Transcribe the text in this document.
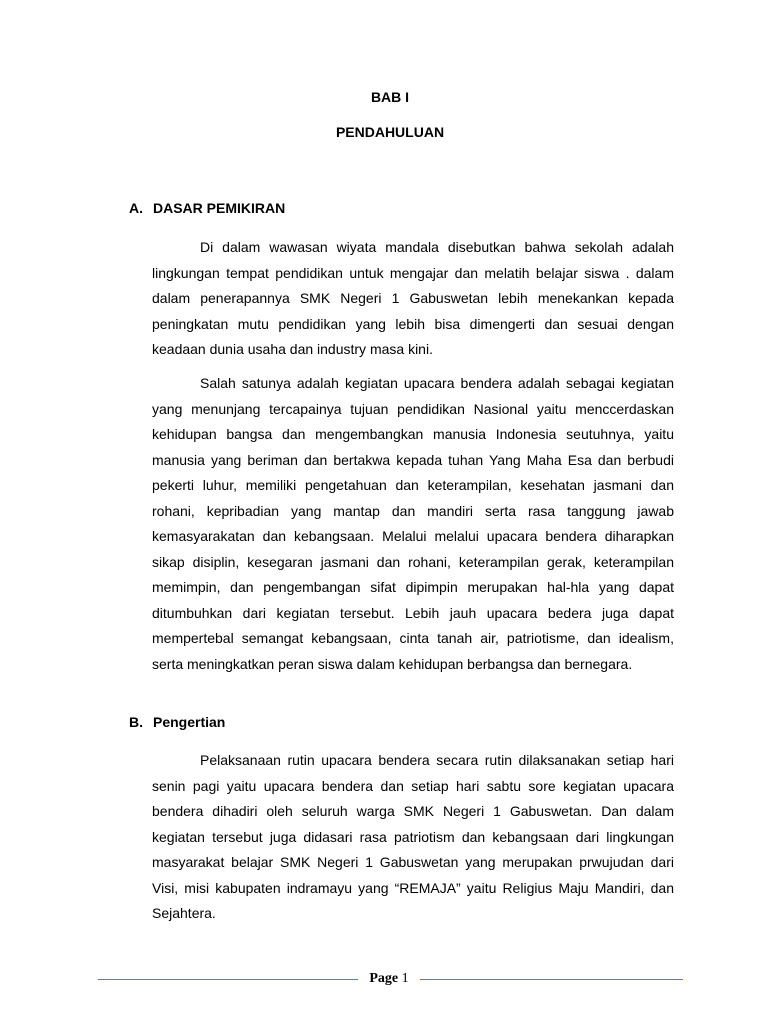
BAB I
PENDAHULUAN
A. DASAR PEMIKIRAN

Di dalam wawasan wiyata mandala disebutkan bahwa sekolah adalah lingkungan tempat pendidikan untuk mengajar dan melatih belajar siswa . dalam dalam penerapannya SMK Negeri 1 Gabuswetan lebih menekankan kepada peningkatan mutu pendidikan yang lebih bisa dimengerti dan sesuai dengan keadaan dunia usaha dan industry masa kini.

Salah satunya adalah kegiatan upacara bendera adalah sebagai kegiatan yang menunjang tercapainya tujuan pendidikan Nasional yaitu menccerdaskan kehidupan bangsa dan mengembangkan manusia Indonesia seutuhnya, yaitu manusia yang beriman dan bertakwa kepada tuhan Yang Maha Esa dan berbudi pekerti luhur, memiliki pengetahuan dan keterampilan, kesehatan jasmani dan rohani, kepribadian yang mantap dan mandiri serta rasa tanggung jawab kemasyarakatan dan kebangsaan. Melalui melalui upacara bendera diharapkan sikap disiplin, kesegaran jasmani dan rohani, keterampilan gerak, keterampilan memimpin, dan pengembangan sifat dipimpin merupakan hal-hla yang dapat ditumbuhkan dari kegiatan tersebut. Lebih jauh upacara bedera juga dapat mempertebal semangat kebangsaan, cinta tanah air, patriotisme, dan idealism, serta meningkatkan peran siswa dalam kehidupan berbangsa dan bernegara.

B. Pengertian

Pelaksanaan rutin upacara bendera secara rutin dilaksanakan setiap hari senin pagi yaitu upacara bendera dan setiap hari sabtu sore kegiatan upacara bendera dihadiri oleh seluruh warga SMK Negeri 1 Gabuswetan. Dan dalam kegiatan tersebut juga didasari rasa patriotism dan kebangsaan dari lingkungan masyarakat belajar SMK Negeri 1 Gabuswetan yang merupakan prwujudan dari Visi, misi kabupaten indramayu yang “REMAJA” yaitu Religius Maju Mandiri, dan Sejahtera.

Page 1
